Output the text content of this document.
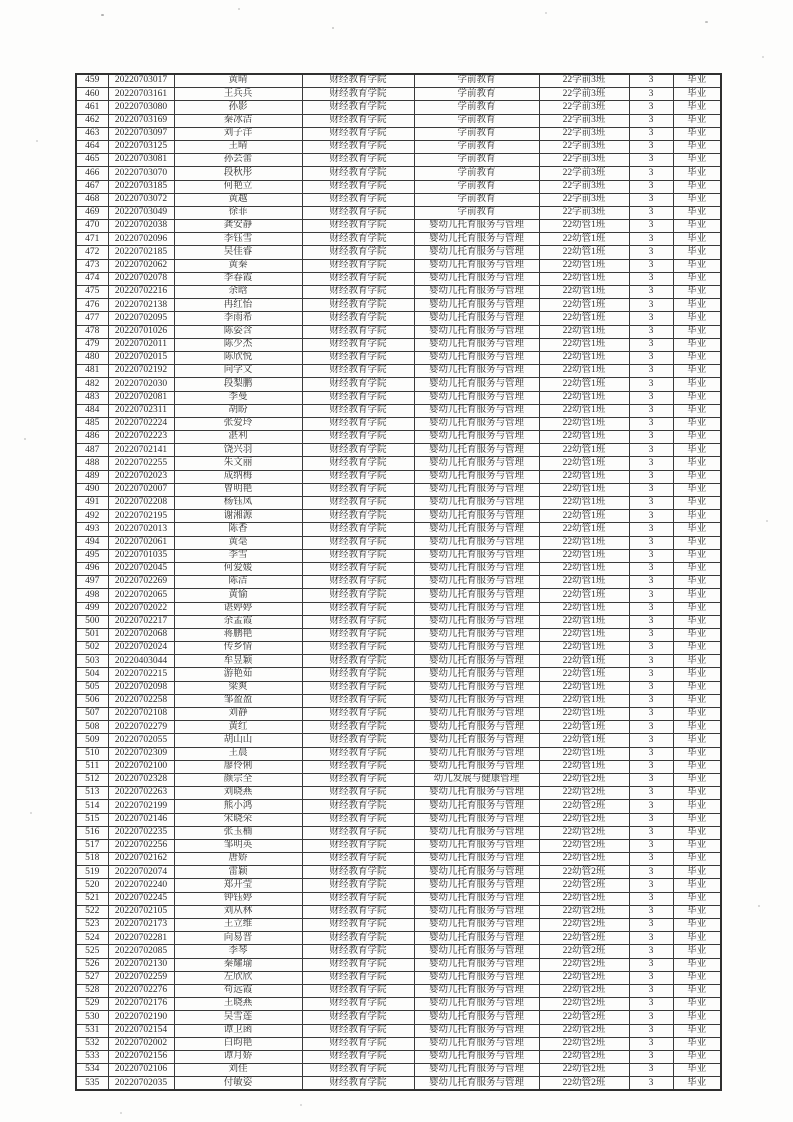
459	20220703017	黄晴	财经教育学院	学前教育	22学前3班	3	毕业
460	20220703161	王兵兵	财经教育学院	学前教育	22学前3班	3	毕业
461	20220703080	孙影	财经教育学院	学前教育	22学前3班	3	毕业
462	20220703169	秦冰洁	财经教育学院	学前教育	22学前3班	3	毕业
463	20220703097	刘子洋	财经教育学院	学前教育	22学前3班	3	毕业
464	20220703125	王晴	财经教育学院	学前教育	22学前3班	3	毕业
465	20220703081	孙芸蕾	财经教育学院	学前教育	22学前3班	3	毕业
466	20220703070	段秋彤	财经教育学院	学前教育	22学前3班	3	毕业
467	20220703185	何艳立	财经教育学院	学前教育	22学前3班	3	毕业
468	20220703072	黄越	财经教育学院	学前教育	22学前3班	3	毕业
469	20220703049	徐菲	财经教育学院	学前教育	22学前3班	3	毕业
470	20220702038	龚安静	财经教育学院	婴幼儿托育服务与管理	22幼管1班	3	毕业
471	20220702096	李钰雪	财经教育学院	婴幼儿托育服务与管理	22幼管1班	3	毕业
472	20220702185	吴佳睿	财经教育学院	婴幼儿托育服务与管理	22幼管1班	3	毕业
473	20220702062	黄秦	财经教育学院	婴幼儿托育服务与管理	22幼管1班	3	毕业
474	20220702078	李春霞	财经教育学院	婴幼儿托育服务与管理	22幼管1班	3	毕业
475	20220702216	余晗	财经教育学院	婴幼儿托育服务与管理	22幼管1班	3	毕业
476	20220702138	冉红怡	财经教育学院	婴幼儿托育服务与管理	22幼管1班	3	毕业
477	20220702095	李雨希	财经教育学院	婴幼儿托育服务与管理	22幼管1班	3	毕业
478	20220701026	陈姿含	财经教育学院	婴幼儿托育服务与管理	22幼管1班	3	毕业
479	20220702011	陈少杰	财经教育学院	婴幼儿托育服务与管理	22幼管1班	3	毕业
480	20220702015	陈欣悦	财经教育学院	婴幼儿托育服务与管理	22幼管1班	3	毕业
481	20220702192	向学文	财经教育学院	婴幼儿托育服务与管理	22幼管1班	3	毕业
482	20220702030	段梨鹏	财经教育学院	婴幼儿托育服务与管理	22幼管1班	3	毕业
483	20220702081	李曼	财经教育学院	婴幼儿托育服务与管理	22幼管1班	3	毕业
484	20220702311	胡盼	财经教育学院	婴幼儿托育服务与管理	22幼管1班	3	毕业
485	20220702224	张爱玲	财经教育学院	婴幼儿托育服务与管理	22幼管1班	3	毕业
486	20220702223	湛利	财经教育学院	婴幼儿托育服务与管理	22幼管1班	3	毕业
487	20220702141	饶兴羽	财经教育学院	婴幼儿托育服务与管理	22幼管1班	3	毕业
488	20220702255	朱文丽	财经教育学院	婴幼儿托育服务与管理	22幼管1班	3	毕业
489	20220702023	成纳梅	财经教育学院	婴幼儿托育服务与管理	22幼管1班	3	毕业
490	20220702007	曾明艳	财经教育学院	婴幼儿托育服务与管理	22幼管1班	3	毕业
491	20220702208	杨钰凤	财经教育学院	婴幼儿托育服务与管理	22幼管1班	3	毕业
492	20220702195	谢湘源	财经教育学院	婴幼儿托育服务与管理	22幼管1班	3	毕业
493	20220702013	陈香	财经教育学院	婴幼儿托育服务与管理	22幼管1班	3	毕业
494	20220702061	黄毫	财经教育学院	婴幼儿托育服务与管理	22幼管1班	3	毕业
495	20220701035	李雪	财经教育学院	婴幼儿托育服务与管理	22幼管1班	3	毕业
496	20220702045	何爱媛	财经教育学院	婴幼儿托育服务与管理	22幼管1班	3	毕业
497	20220702269	陈洁	财经教育学院	婴幼儿托育服务与管理	22幼管1班	3	毕业
498	20220702065	黄愉	财经教育学院	婴幼儿托育服务与管理	22幼管1班	3	毕业
499	20220702022	谌婷婷	财经教育学院	婴幼儿托育服务与管理	22幼管1班	3	毕业
500	20220702217	余孟霞	财经教育学院	婴幼儿托育服务与管理	22幼管1班	3	毕业
501	20220702068	蒋鹏艳	财经教育学院	婴幼儿托育服务与管理	22幼管1班	3	毕业
502	20220702024	传乡情	财经教育学院	婴幼儿托育服务与管理	22幼管1班	3	毕业
503	20220403044	牟昱颖	财经教育学院	婴幼儿托育服务与管理	22幼管1班	3	毕业
504	20220702215	游艳茹	财经教育学院	婴幼儿托育服务与管理	22幼管1班	3	毕业
505	20220702098	梁爽	财经教育学院	婴幼儿托育服务与管理	22幼管1班	3	毕业
506	20220702258	邹盈盈	财经教育学院	婴幼儿托育服务与管理	22幼管1班	3	毕业
507	20220702108	刘静	财经教育学院	婴幼儿托育服务与管理	22幼管1班	3	毕业
508	20220702279	黄红	财经教育学院	婴幼儿托育服务与管理	22幼管1班	3	毕业
509	20220702055	胡山山	财经教育学院	婴幼儿托育服务与管理	22幼管1班	3	毕业
510	20220702309	王晨	财经教育学院	婴幼儿托育服务与管理	22幼管1班	3	毕业
511	20220702100	廖伶俐	财经教育学院	婴幼儿托育服务与管理	22幼管1班	3	毕业
512	20220702328	颜宗全	财经教育学院	幼儿发展与健康管理	22幼管2班	3	毕业
513	20220702263	刘晓燕	财经教育学院	婴幼儿托育服务与管理	22幼管2班	3	毕业
514	20220702199	熊小鸿	财经教育学院	婴幼儿托育服务与管理	22幼管2班	3	毕业
515	20220702146	宋晓荣	财经教育学院	婴幼儿托育服务与管理	22幼管2班	3	毕业
516	20220702235	张玉楠	财经教育学院	婴幼儿托育服务与管理	22幼管2班	3	毕业
517	20220702256	邹明英	财经教育学院	婴幼儿托育服务与管理	22幼管2班	3	毕业
518	20220702162	唐娇	财经教育学院	婴幼儿托育服务与管理	22幼管2班	3	毕业
519	20220702074	雷颖	财经教育学院	婴幼儿托育服务与管理	22幼管2班	3	毕业
520	20220702240	郑开莹	财经教育学院	婴幼儿托育服务与管理	22幼管2班	3	毕业
521	20220702245	钟钰婷	财经教育学院	婴幼儿托育服务与管理	22幼管2班	3	毕业
522	20220702105	刘从林	财经教育学院	婴幼儿托育服务与管理	22幼管2班	3	毕业
523	20220702173	王立维	财经教育学院	婴幼儿托育服务与管理	22幼管2班	3	毕业
524	20220702281	向易晋	财经教育学院	婴幼儿托育服务与管理	22幼管2班	3	毕业
525	20220702085	李琴	财经教育学院	婴幼儿托育服务与管理	22幼管2班	3	毕业
526	20220702130	秦耀瑜	财经教育学院	婴幼儿托育服务与管理	22幼管2班	3	毕业
527	20220702259	左欣欣	财经教育学院	婴幼儿托育服务与管理	22幼管2班	3	毕业
528	20220702276	苟远霞	财经教育学院	婴幼儿托育服务与管理	22幼管2班	3	毕业
529	20220702176	王晓燕	财经教育学院	婴幼儿托育服务与管理	22幼管2班	3	毕业
530	20220702190	吴雪莲	财经教育学院	婴幼儿托育服务与管理	22幼管2班	3	毕业
531	20220702154	谭卫函	财经教育学院	婴幼儿托育服务与管理	22幼管2班	3	毕业
532	20220702002	白昀艳	财经教育学院	婴幼儿托育服务与管理	22幼管2班	3	毕业
533	20220702156	谭月娇	财经教育学院	婴幼儿托育服务与管理	22幼管2班	3	毕业
534	20220702106	刘佳	财经教育学院	婴幼儿托育服务与管理	22幼管2班	3	毕业
535	20220702035	付敏姿	财经教育学院	婴幼儿托育服务与管理	22幼管2班	3	毕业
